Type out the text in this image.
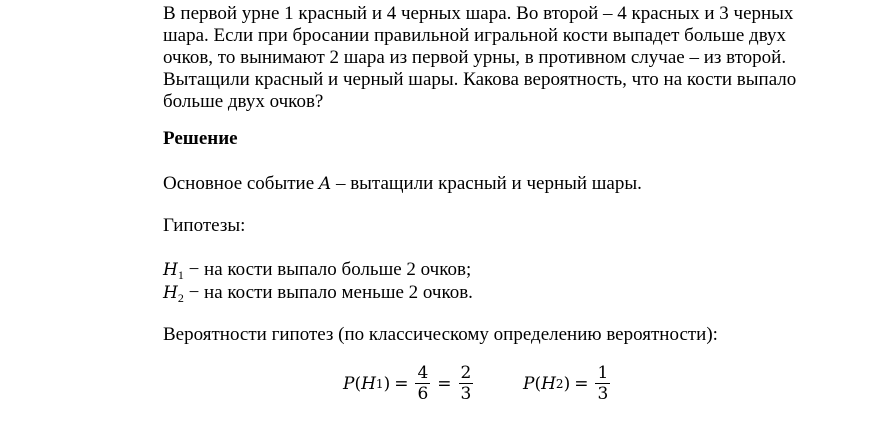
В первой урне 1 красный и 4 черных шара. Во второй – 4 красных и 3 черных
шара. Если при бросании правильной игральной кости выпадет больше двух
очков, то вынимают 2 шара из первой урны, в противном случае – из второй.
Вытащили красный и черный шары. Какова вероятность, что на кости выпало
больше двух очков?

Решение

Основное событие A – вытащили красный и черный шары.

Гипотезы:

$H_1$ − на кости выпало больше 2 очков;

$H_2$ − на кости выпало меньше 2 очков.

Вероятности гипотез (по классическому определению вероятности):

P ( H 1 ) = $\frac{4}{6} = \frac{2}{3}$	P ( H 2 ) = $\frac{1}{3}$
